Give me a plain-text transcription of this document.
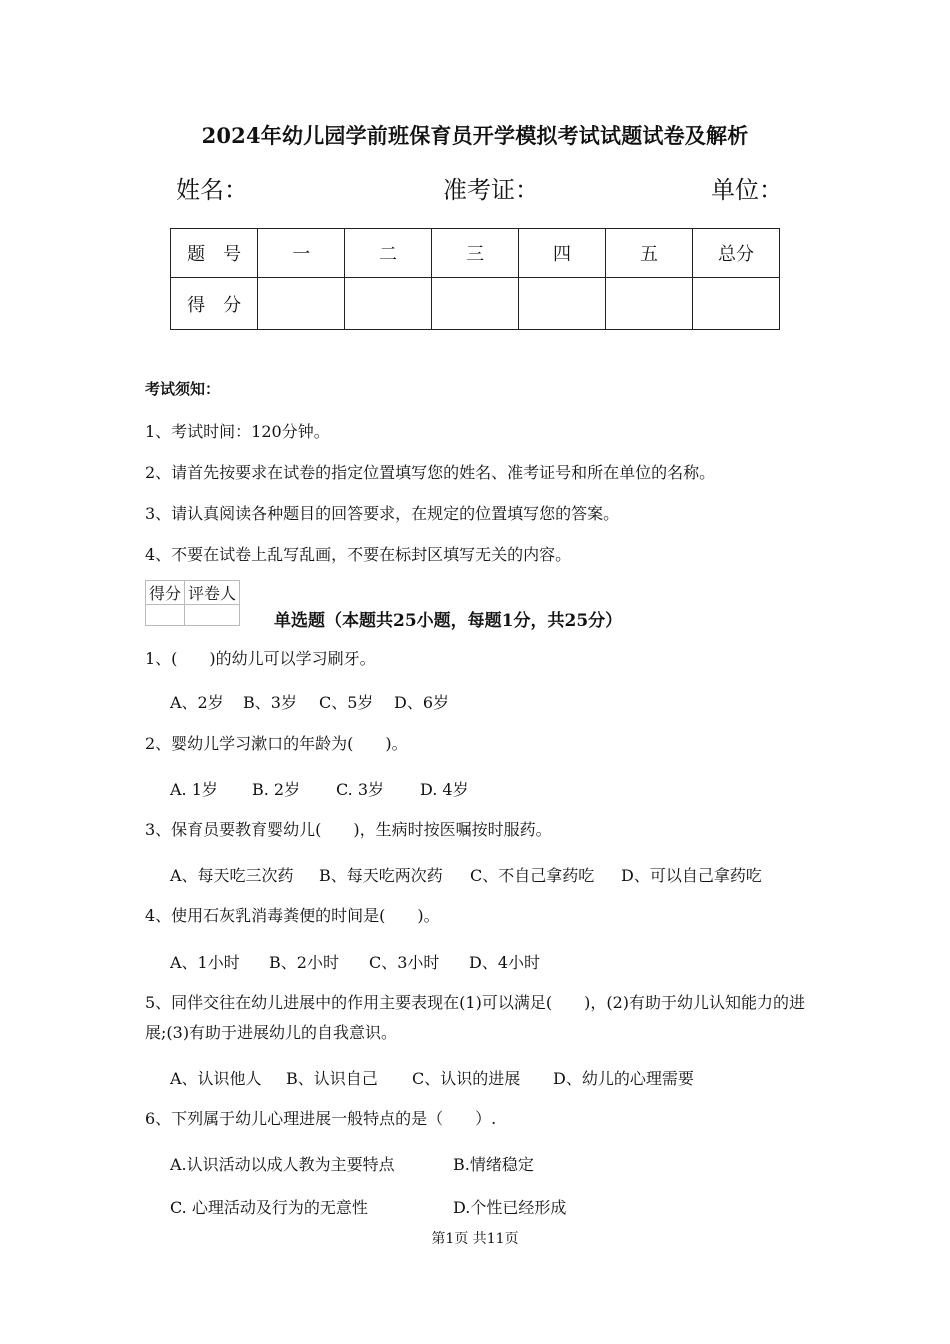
2024年幼儿园学前班保育员开学模拟考试试题试卷及解析
姓名：	准考证：	单位：
题　号	一	二	三	四	五	总分
得　分						
考试须知：
1、考试时间：120分钟。
2、请首先按要求在试卷的指定位置填写您的姓名、准考证号和所在单位的名称。
3、请认真阅读各种题目的回答要求，在规定的位置填写您的答案。
4、不要在试卷上乱写乱画，不要在标封区填写无关的内容。
得分	评卷人

单选题（本题共25小题，每题1分，共25分）
1、(　　)的幼儿可以学习刷牙。
A、2岁 B、3岁 C、5岁 D、6岁
2、婴幼儿学习漱口的年龄为(　　)。
A. 1岁 B. 2岁 C. 3岁 D. 4岁
3、保育员要教育婴幼儿(　　)，生病时按医嘱按时服药。
A、每天吃三次药 B、每天吃两次药 C、不自己拿药吃 D、可以自己拿药吃
4、使用石灰乳消毒粪便的时间是(　　)。
A、1小时 B、2小时 C、3小时 D、4小时
5、同伴交往在幼儿进展中的作用主要表现在(1)可以满足(　　)，(2)有助于幼儿认知能力的进展;(3)有助于进展幼儿的自我意识。
A、认识他人 B、认识自己 C、认识的进展 D、幼儿的心理需要
6、下列属于幼儿心理进展一般特点的是（　　）.
A.认识活动以成人教为主要特点	B.情绪稳定
C. 心理活动及行为的无意性	D.个性已经形成
第1页 共11页
